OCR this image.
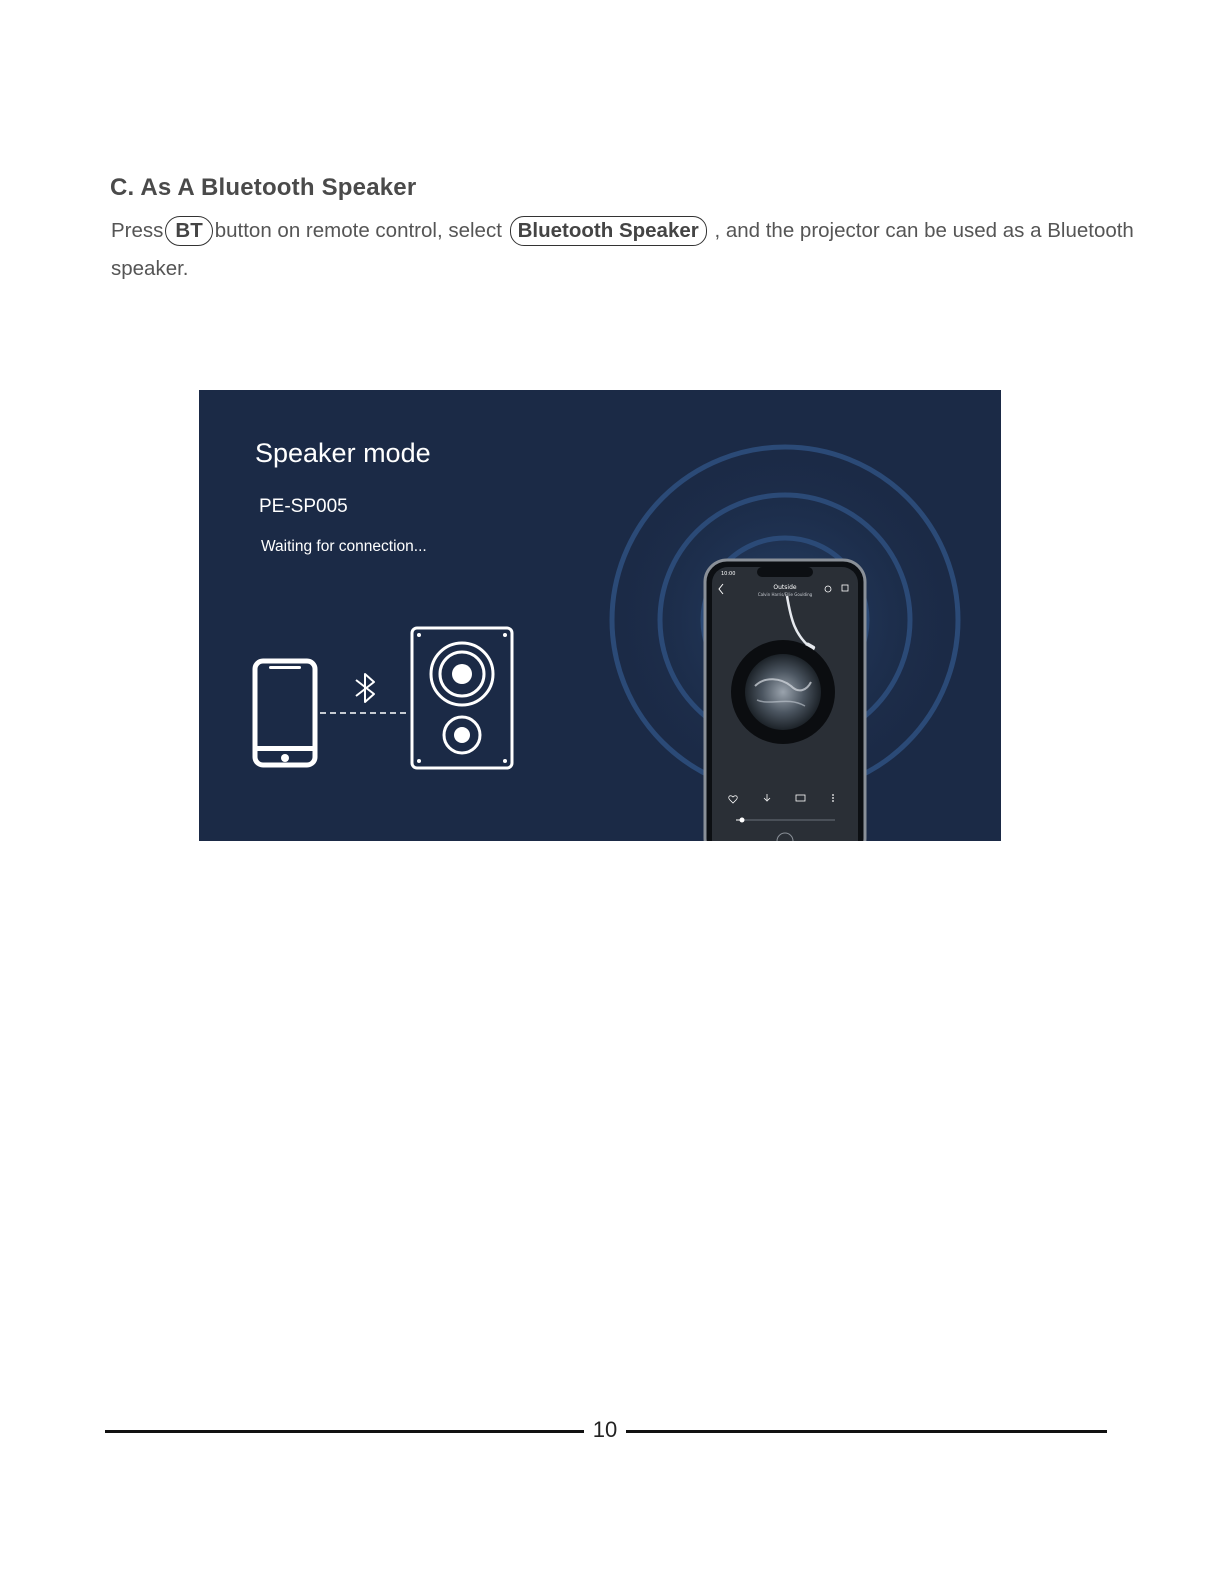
C. As A Bluetooth Speaker

Press BT button on remote control, select Bluetooth Speaker , and the projector can be used as a Bluetooth speaker.

10:00
Outside
Calvin Harris/Ellie Goulding
Speaker mode
PE-SP005
Waiting for connection...
10
